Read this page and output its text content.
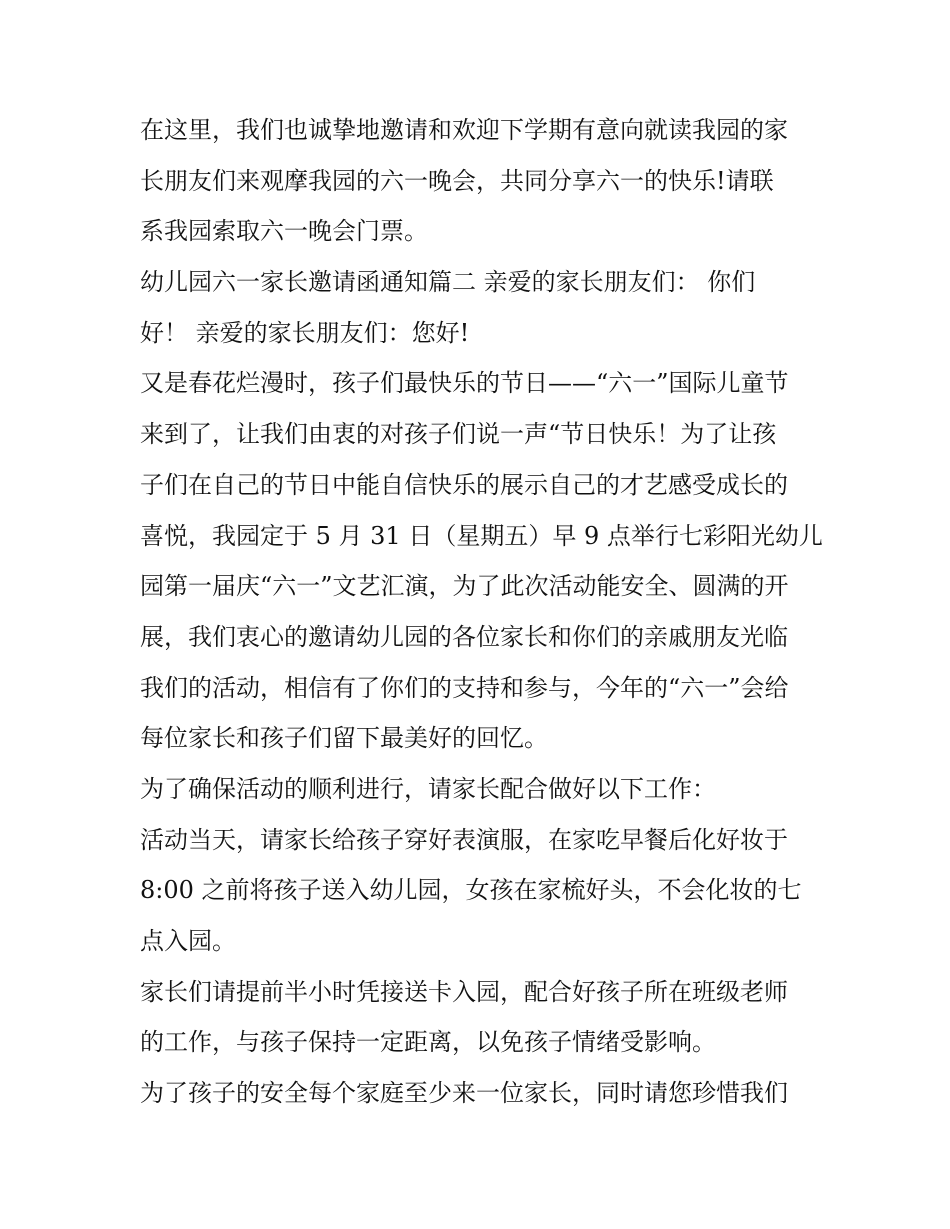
在这里，我们也诚挚地邀请和欢迎下学期有意向就读我园的家
长朋友们来观摩我园的六一晚会，共同分享六一的快乐!请联
系我园索取六一晚会门票。
幼儿园六一家长邀请函通知篇二 亲爱的家长朋友们： 你们
好！ 亲爱的家长朋友们：您好!
又是春花烂漫时，孩子们最快乐的节日——“六一”国际儿童节
来到了，让我们由衷的对孩子们说一声“节日快乐！为了让孩
子们在自己的节日中能自信快乐的展示自己的才艺感受成长的
喜悦，我园定于 5 月 31 日（星期五）早 9 点举行七彩阳光幼儿
园第一届庆“六一”文艺汇演，为了此次活动能安全、圆满的开
展，我们衷心的邀请幼儿园的各位家长和你们的亲戚朋友光临
我们的活动，相信有了你们的支持和参与，今年的“六一”会给
每位家长和孩子们留下最美好的回忆。
为了确保活动的顺利进行，请家长配合做好以下工作：
活动当天，请家长给孩子穿好表演服，在家吃早餐后化好妆于
8:00 之前将孩子送入幼儿园，女孩在家梳好头，不会化妆的七
点入园。
家长们请提前半小时凭接送卡入园，配合好孩子所在班级老师
的工作，与孩子保持一定距离，以免孩子情绪受影响。
为了孩子的安全每个家庭至少来一位家长，同时请您珍惜我们
